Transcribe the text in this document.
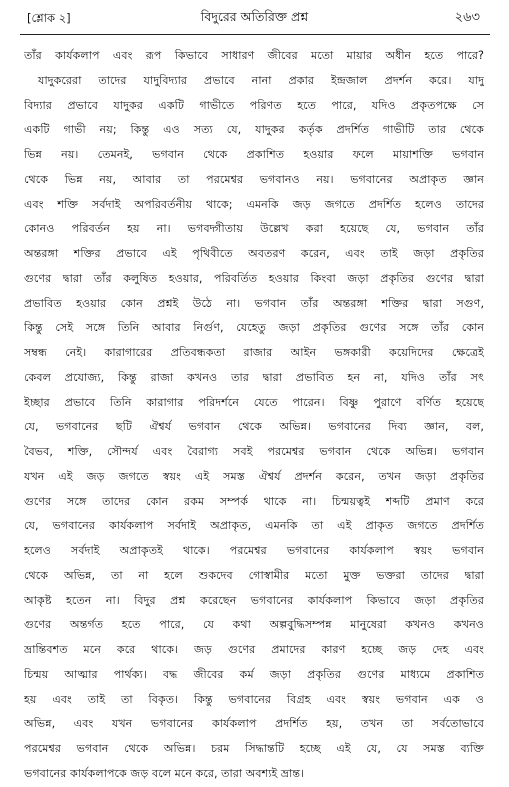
[শ্লোক ২]	বিদুরের অতিরিক্ত প্রশ্ন	২৬৩
তাঁর কার্যকলাপ এবং রূপ কিভাবে সাধারণ জীবের মতো মায়ার অধীন হতে পারে?
যাদুকরেরা তাদের যাদুবিদ্যার প্রভাবে নানা প্রকার ইন্দ্রজাল প্রদর্শন করে। যাদু
বিদ্যার প্রভাবে যাদুকর একটি গাভীতে পরিণত হতে পারে, যদিও প্রকৃতপক্ষে সে
একটি গাভী নয়; কিন্তু এও সত্য যে, যাদুকর কর্তৃক প্রদর্শিত গাভীটি তার থেকে
ভিন্ন নয়। তেমনই, ভগবান থেকে প্রকাশিত হওয়ার ফলে মায়াশক্তি ভগবান
থেকে ভিন্ন নয়, আবার তা পরমেশ্বর ভগবানও নয়। ভগবানের অপ্রাকৃত জ্ঞান
এবং শক্তি সর্বদাই অপরিবর্তনীয় থাকে; এমনকি জড় জগতে প্রদর্শিত হলেও তাদের
কোনও পরিবর্তন হয় না। ভগবদ্গীতায় উল্লেখ করা হয়েছে যে, ভগবান তাঁর
অন্তরঙ্গা শক্তির প্রভাবে এই পৃথিবীতে অবতরণ করেন, এবং তাই জড়া প্রকৃতির
গুণের দ্বারা তাঁর কলুষিত হওয়ার, পরিবর্তিত হওয়ার কিংবা জড়া প্রকৃতির গুণের দ্বারা
প্রভাবিত হওয়ার কোন প্রশ্নই উঠে না। ভগবান তাঁর অন্তরঙ্গা শক্তির দ্বারা সগুণ,
কিন্তু সেই সঙ্গে তিনি আবার নির্গুণ, যেহেতু জড়া প্রকৃতির গুণের সঙ্গে তাঁর কোন
সম্বন্ধ নেই। কারাগারের প্রতিবন্ধকতা রাজার আইন ভঙ্গকারী কয়েদিদের ক্ষেত্রেই
কেবল প্রযোজ্য, কিন্তু রাজা কখনও তার দ্বারা প্রভাবিত হন না, যদিও তাঁর সৎ
ইচ্ছার প্রভাবে তিনি কারাগার পরিদর্শনে যেতে পারেন। বিষ্ণু পুরাণে বর্ণিত হয়েছে
যে, ভগবানের ছটি ঐশ্বর্য ভগবান থেকে অভিন্ন। ভগবানের দিব্য জ্ঞান, বল,
বৈভব, শক্তি, সৌন্দর্য এবং বৈরাগ্য সবই পরমেশ্বর ভগবান থেকে অভিন্ন। ভগবান
যখন এই জড় জগতে স্বয়ং এই সমস্ত ঐশ্বর্য প্রদর্শন করেন, তখন জড়া প্রকৃতির
গুণের সঙ্গে তাদের কোন রকম সম্পর্ক থাকে না। চিন্ময়ত্বই শব্দটি প্রমাণ করে
যে, ভগবানের কার্যকলাপ সর্বদাই অপ্রাকৃত, এমনকি তা এই প্রাকৃত জগতে প্রদর্শিত
হলেও সর্বদাই অপ্রাকৃতই থাকে। পরমেশ্বর ভগবানের কার্যকলাপ স্বয়ং ভগবান
থেকে অভিন্ন, তা না হলে শুকদেব গোস্বামীর মতো মুক্ত ভক্তরা তাদের দ্বারা
আকৃষ্ট হতেন না। বিদুর প্রশ্ন করেছেন ভগবানের কার্যকলাপ কিভাবে জড়া প্রকৃতির
গুণের অন্তর্গত হতে পারে, যে কথা অল্পবুদ্ধিসম্পন্ন মানুষেরা কখনও কখনও
ভ্রান্তিবশত মনে করে থাকে। জড় গুণের প্রমাদের কারণ হচ্ছে জড় দেহ এবং
চিন্ময় আত্মার পার্থক্য। বদ্ধ জীবের কর্ম জড়া প্রকৃতির গুণের মাধ্যমে প্রকাশিত
হয় এবং তাই তা বিকৃত। কিন্তু ভগবানের বিগ্রহ এবং স্বয়ং ভগবান এক ও
অভিন্ন, এবং যখন ভগবানের কার্যকলাপ প্রদর্শিত হয়, তখন তা সর্বতোভাবে
পরমেশ্বর ভগবান থেকে অভিন্ন। চরম সিদ্ধান্তটি হচ্ছে এই যে, যে সমস্ত ব্যক্তি
ভগবানের কার্যকলাপকে জড় বলে মনে করে, তারা অবশ্যই ভ্রান্ত।
